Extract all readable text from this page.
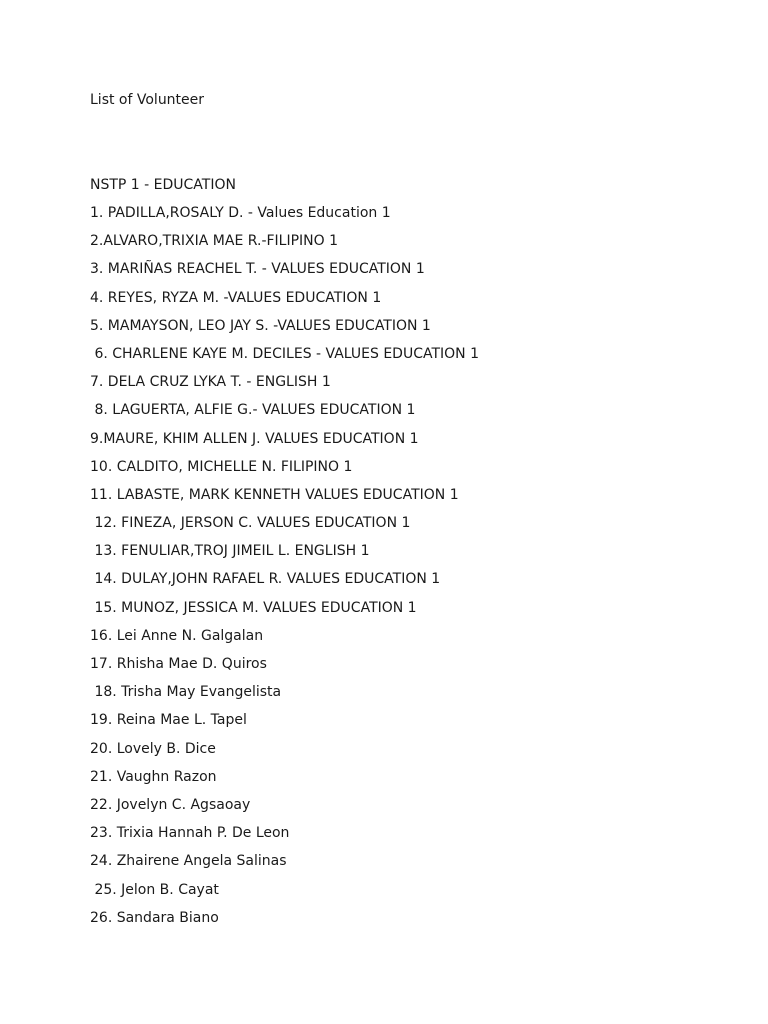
List of Volunteer

NSTP 1 - EDUCATION

1. PADILLA,ROSALY D. - Values Education 1
2.ALVARO,TRIXIA MAE R.-FILIPINO 1
3. MARIÑAS REACHEL T. - VALUES EDUCATION 1
4. REYES, RYZA M. -VALUES EDUCATION 1
5. MAMAYSON, LEO JAY S. -VALUES EDUCATION 1
6. CHARLENE KAYE M. DECILES - VALUES EDUCATION 1
7. DELA CRUZ LYKA T. - ENGLISH 1
8. LAGUERTA, ALFIE G.- VALUES EDUCATION 1
9.MAURE, KHIM ALLEN J. VALUES EDUCATION 1
10. CALDITO, MICHELLE N. FILIPINO 1
11. LABASTE, MARK KENNETH VALUES EDUCATION 1
12. FINEZA, JERSON C. VALUES EDUCATION 1
13. FENULIAR,TROJ JIMEIL L. ENGLISH 1
14. DULAY,JOHN RAFAEL R. VALUES EDUCATION 1
15. MUNOZ, JESSICA M. VALUES EDUCATION 1
16. Lei Anne N. Galgalan
17. Rhisha Mae D. Quiros
18. Trisha May Evangelista
19. Reina Mae L. Tapel
20. Lovely B. Dice
21. Vaughn Razon
22. Jovelyn C. Agsaoay
23. Trixia Hannah P. De Leon
24. Zhairene Angela Salinas
25. Jelon B. Cayat
26. Sandara Biano
